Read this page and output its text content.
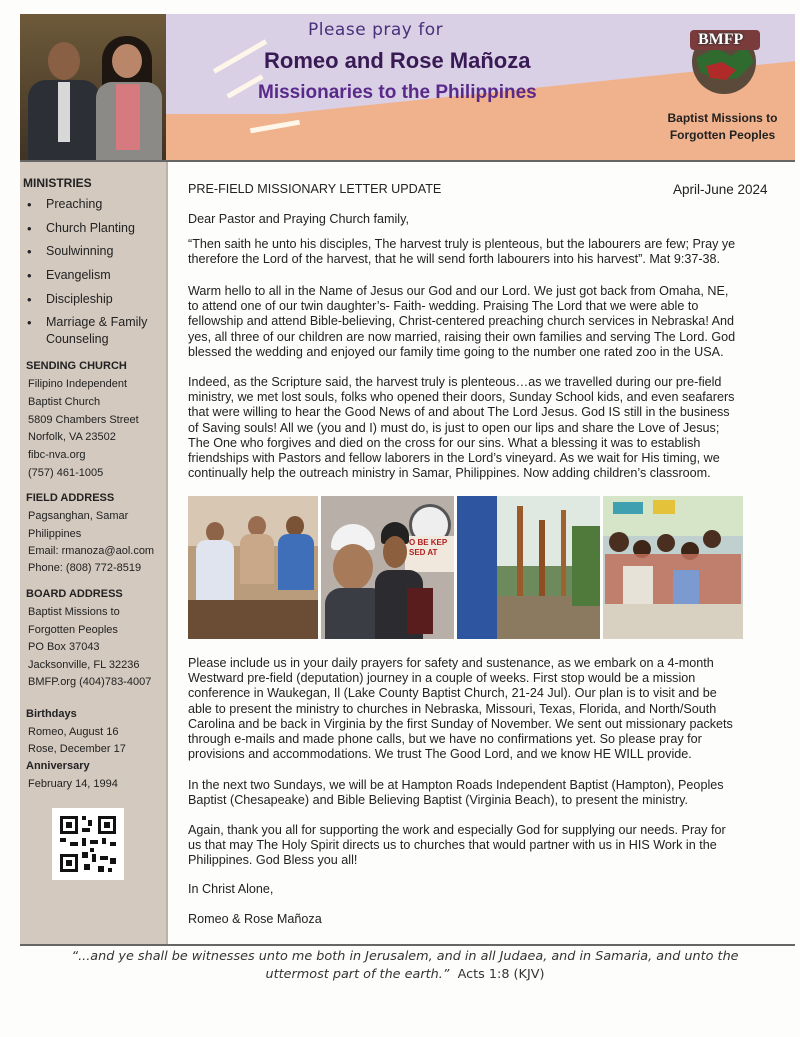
Please pray for
Romeo and Rose Mañoza
Missionaries to the Philippines
BMFP
Baptist Missions to
Forgotten Peoples
MINISTRIES
• Preaching
• Church Planting
• Soulwinning
• Evangelism
• Discipleship
• Marriage & Family Counseling
SENDING CHURCH
Filipino Independent
Baptist Church
5809 Chambers Street
Norfolk, VA 23502
fibc-nva.org
(757) 461-1005
FIELD ADDRESS
Pagsanghan, Samar
Philippines
Email: rmanoza@aol.com
Phone: (808) 772-8519
BOARD ADDRESS
Baptist Missions to
Forgotten Peoples
PO Box 37043
Jacksonville, FL 32236
BMFP.org (404)783-4007
Birthdays
Romeo, August 16
Rose, December 17
Anniversary
February 14, 1994
PRE-FIELD MISSIONARY LETTER UPDATE	April-June 2024
Dear Pastor and Praying Church family,
“Then saith he unto his disciples, The harvest truly is plenteous, but the labourers are few; Pray ye
therefore the Lord of the harvest, that he will send forth labourers into his harvest”. Mat 9:37-38.
Warm hello to all in the Name of Jesus our God and our Lord. We just got back from Omaha, NE,
to attend one of our twin daughter’s- Faith- wedding. Praising The Lord that we were able to
fellowship and attend Bible-believing, Christ-centered preaching church services in Nebraska! And
yes, all three of our children are now married, raising their own families and serving The Lord. God
blessed the wedding and enjoyed our family time going to the number one rated zoo in the USA.
Indeed, as the Scripture said, the harvest truly is plenteous…as we travelled during our pre-field
ministry, we met lost souls, folks who opened their doors, Sunday School kids, and even seafarers
that were willing to hear the Good News of and about The Lord Jesus. God IS still in the business
of Saving souls! All we (you and I) must do, is just to open our lips and share the Love of Jesus;
The One who forgives and died on the cross for our sins. What a blessing it was to establish
friendships with Pastors and fellow laborers in the Lord’s vineyard. As we wait for His timing, we
continually help the outreach ministry in Samar, Philippines. Now adding children’s classroom.
O BE KEP
SED AT
Please include us in your daily prayers for safety and sustenance, as we embark on a 4-month
Westward pre-field (deputation) journey in a couple of weeks. First stop would be a mission
conference in Waukegan, Il (Lake County Baptist Church, 21-24 Jul). Our plan is to visit and be
able to present the ministry to churches in Nebraska, Missouri, Texas, Florida, and North/South
Carolina and be back in Virginia by the first Sunday of November. We sent out missionary packets
through e-mails and made phone calls, but we have no confirmations yet. So please pray for
provisions and accommodations. We trust The Good Lord, and we know HE WILL provide.
In the next two Sundays, we will be at Hampton Roads Independent Baptist (Hampton), Peoples
Baptist (Chesapeake) and Bible Believing Baptist (Virginia Beach), to present the ministry.
Again, thank you all for supporting the work and especially God for supplying our needs. Pray for
us that may The Holy Spirit directs us to churches that would partner with us in HIS Work in the
Philippines. God Bless you all!
In Christ Alone,
Romeo & Rose Mañoza
“...and ye shall be witnesses unto me both in Jerusalem, and in all Judaea, and in Samaria, and unto the
uttermost part of the earth.” Acts 1:8 (KJV)
